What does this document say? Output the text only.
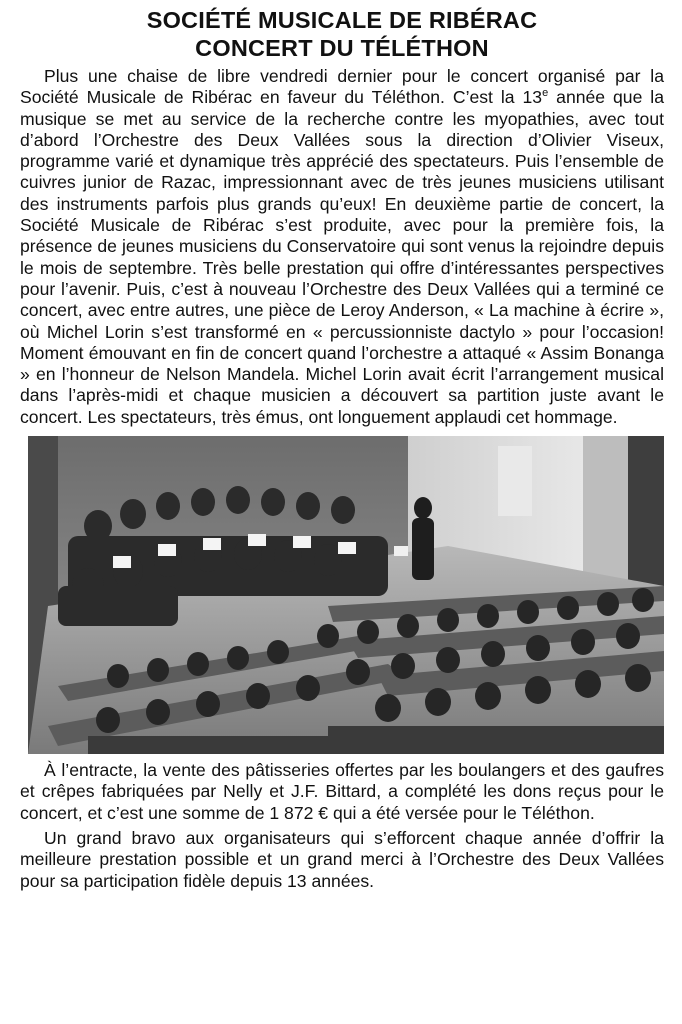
SOCIÉTÉ MUSICALE DE RIBÉRAC
CONCERT DU TÉLÉTHON

Plus une chaise de libre vendredi dernier pour le concert organisé par la Société Musicale de Ribérac en faveur du Téléthon. C’est la 13e année que la musique se met au service de la recherche contre les myopathies, avec tout d’abord l’Orchestre des Deux Vallées sous la direction d’Olivier Viseux, programme varié et dynamique très apprécié des spectateurs. Puis l’ensemble de cuivres junior de Razac, impressionnant avec de très jeunes musiciens utilisant des instruments parfois plus grands qu’eux! En deuxième partie de concert, la Société Musicale de Ribérac s’est produite, avec pour la première fois, la présence de jeunes musiciens du Conservatoire qui sont venus la rejoindre depuis le mois de septembre. Très belle prestation qui offre d’intéressantes perspectives pour l’avenir. Puis, c’est à nouveau l’Orchestre des Deux Vallées qui a terminé ce concert, avec entre autres, une pièce de Leroy Anderson, « La machine à écrire », où Michel Lorin s’est transformé en « percussionniste dactylo » pour l’occasion! Moment émouvant en fin de concert quand l’orchestre a attaqué « Assim Bonanga » en l’honneur de Nelson Mandela. Michel Lorin avait écrit l’arrangement musical dans l’après-midi et chaque musicien a découvert sa partition juste avant le concert. Les spectateurs, très émus, ont longuement applaudi cet hommage.

À l’entracte, la vente des pâtisseries offertes par les boulangers et des gaufres et crêpes fabriquées par Nelly et J.F. Bittard, a complété les dons reçus pour le concert, et c’est une somme de 1 872 € qui a été versée pour le Téléthon.

Un grand bravo aux organisateurs qui s’efforcent chaque année d’offrir la meilleure prestation possible et un grand merci à l’Orchestre des Deux Vallées pour sa participation fidèle depuis 13 années.
